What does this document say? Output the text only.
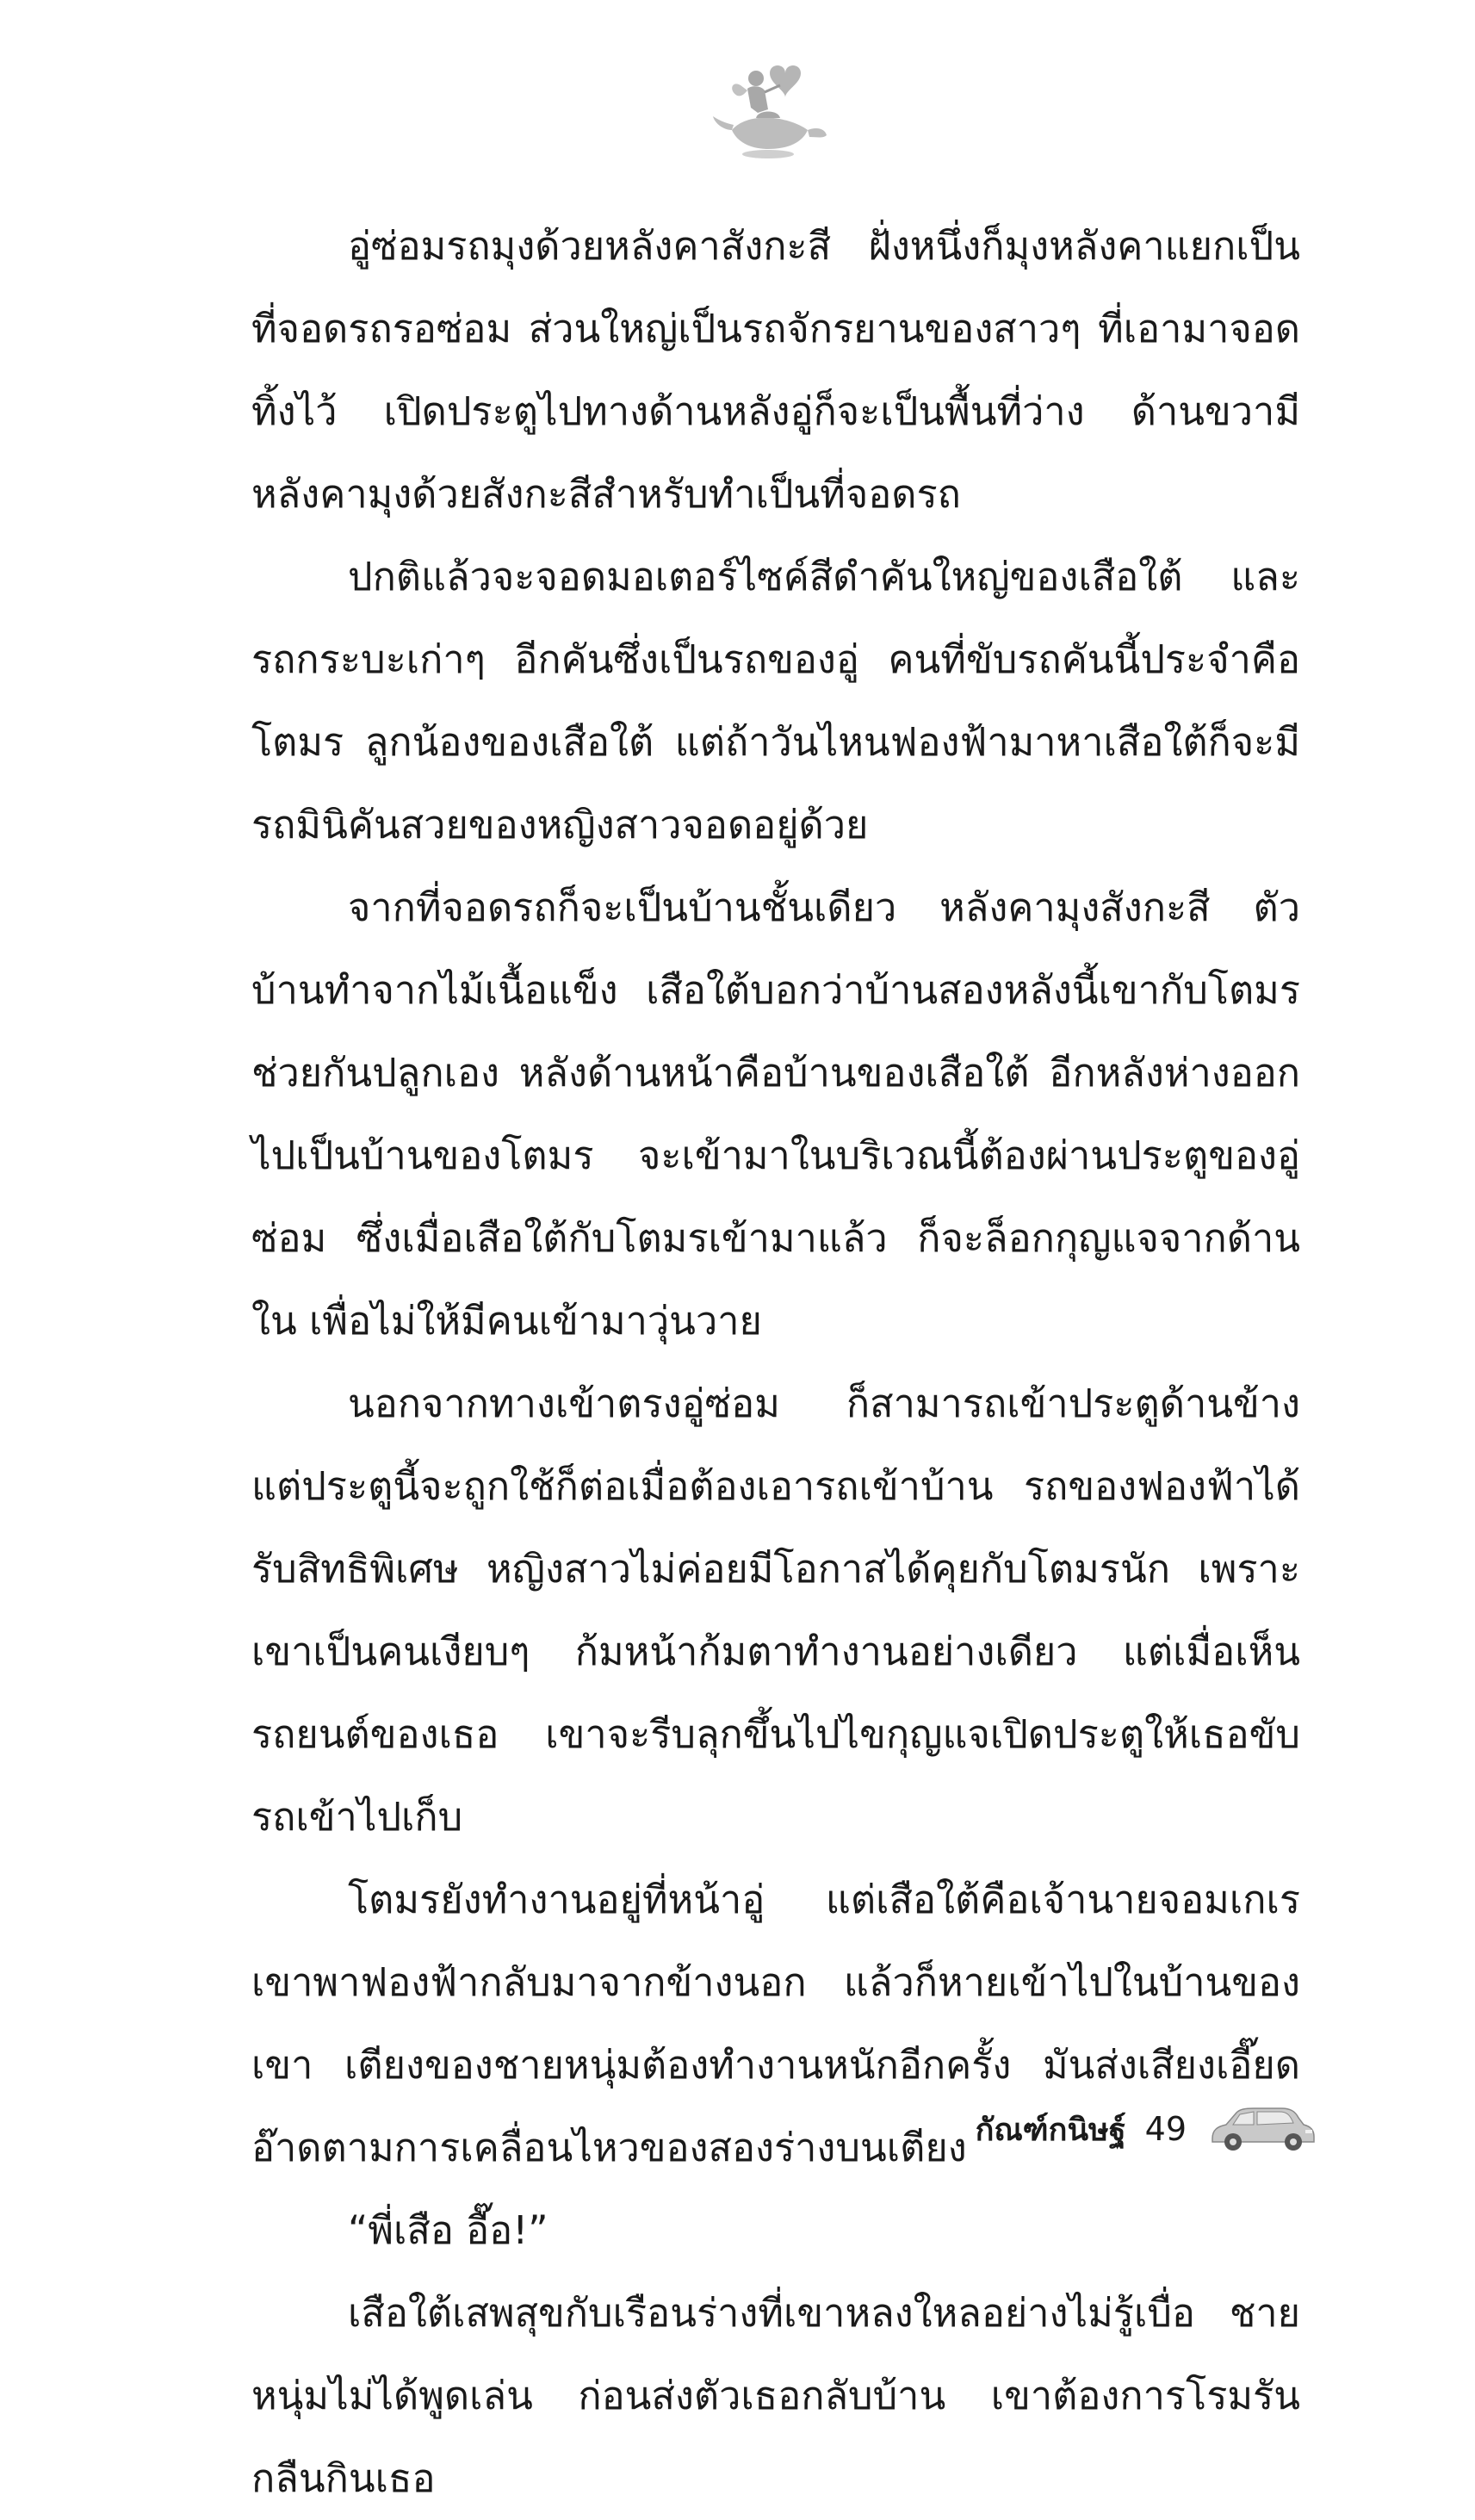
อู่ซ่อมรถมุงด้วยหลังคาสังกะสี ฝั่งหนึ่งก็มุงหลังคาแยกเป็นที่จอดรถรอซ่อม ส่วนใหญ่เป็นรถจักรยานของสาวๆ ที่เอามาจอดทิ้งไว้ เปิดประตูไปทางด้านหลังอู่ก็จะเป็นพื้นที่ว่าง ด้านขวามีหลังคามุงด้วยสังกะสีสำหรับทำเป็นที่จอดรถ

ปกติแล้วจะจอดมอเตอร์ไซค์สีดำคันใหญ่ของเสือใต้ และรถกระบะเก่าๆ อีกคันซึ่งเป็นรถของอู่ คนที่ขับรถคันนี้ประจำคือ โตมร ลูกน้องของเสือใต้ แต่ถ้าวันไหนฟองฟ้ามาหาเสือใต้ก็จะมีรถมินิคันสวยของหญิงสาวจอดอยู่ด้วย

จากที่จอดรถก็จะเป็นบ้านชั้นเดียว หลังคามุงสังกะสี ตัวบ้านทำจากไม้เนื้อแข็ง เสือใต้บอกว่าบ้านสองหลังนี้เขากับโตมรช่วยกันปลูกเอง หลังด้านหน้าคือบ้านของเสือใต้ อีกหลังห่างออกไปเป็นบ้านของโตมร จะเข้ามาในบริเวณนี้ต้องผ่านประตูของอู่ซ่อม ซึ่งเมื่อเสือใต้กับโตมรเข้ามาแล้ว ก็จะล็อกกุญแจจากด้านใน เพื่อไม่ให้มีคนเข้ามาวุ่นวาย

นอกจากทางเข้าตรงอู่ซ่อม ก็สามารถเข้าประตูด้านข้าง แต่ประตูนี้จะถูกใช้ก็ต่อเมื่อต้องเอารถเข้าบ้าน รถของฟองฟ้าได้รับสิทธิพิเศษ หญิงสาวไม่ค่อยมีโอกาสได้คุยกับโตมรนัก เพราะเขาเป็นคนเงียบๆ ก้มหน้าก้มตาทำงานอย่างเดียว แต่เมื่อเห็นรถยนต์ของเธอ เขาจะรีบลุกขึ้นไปไขกุญแจเปิดประตูให้เธอขับรถเข้าไปเก็บ

โตมรยังทำงานอยู่ที่หน้าอู่ แต่เสือใต้คือเจ้านายจอมเกเร เขาพาฟองฟ้ากลับมาจากข้างนอก แล้วก็หายเข้าไปในบ้านของเขา เตียงของชายหนุ่มต้องทำงานหนักอีกครั้ง มันส่งเสียงเอี๊ยดอ๊าดตามการเคลื่อนไหวของสองร่างบนเตียง

“พี่เสือ อื๊อ!”

เสือใต้เสพสุขกับเรือนร่างที่เขาหลงใหลอย่างไม่รู้เบื่อ ชายหนุ่มไม่ได้พูดเล่น ก่อนส่งตัวเธอกลับบ้าน เขาต้องการโรมรันกลืนกินเธอ

กัณฑ์กนิษฐ์ 49
